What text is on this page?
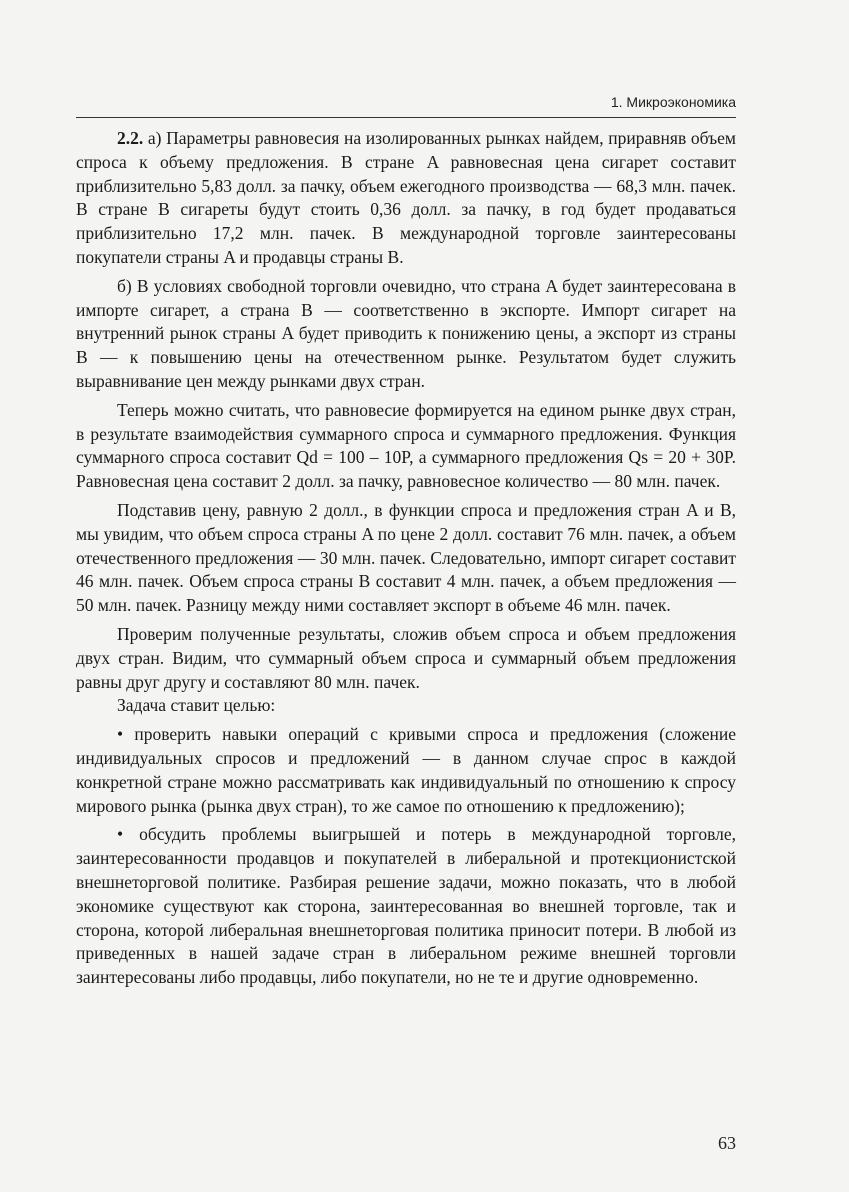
1. Микроэкономика

2.2. а) Параметры равновесия на изолированных рынках найдем, приравняв объем спроса к объему предложения. В стране A равновесная цена сигарет составит приблизительно 5,83 долл. за пачку, объем ежегодного производства — 68,3 млн. пачек. В стране B сигареты будут стоить 0,36 долл. за пачку, в год будет продаваться приблизительно 17,2 млн. пачек. В международной торговле заинтересованы покупатели страны A и продавцы страны B.

б) В условиях свободной торговли очевидно, что страна A будет заинтересована в импорте сигарет, а страна B — соответственно в экспорте. Импорт сигарет на внутренний рынок страны A будет приводить к понижению цены, а экспорт из страны B — к повышению цены на отечественном рынке. Результатом будет служить выравнивание цен между рынками двух стран.

Теперь можно считать, что равновесие формируется на едином рынке двух стран, в результате взаимодействия суммарного спроса и суммарного предложения. Функция суммарного спроса составит Qd = 100 – 10P, а суммарного предложения Qs = 20 + 30P. Равновесная цена составит 2 долл. за пачку, равновесное количество — 80 млн. пачек.

Подставив цену, равную 2 долл., в функции спроса и предложения стран A и B, мы увидим, что объем спроса страны A по цене 2 долл. составит 76 млн. пачек, а объем отечественного предложения — 30 млн. пачек. Следовательно, импорт сигарет составит 46 млн. пачек. Объем спроса страны B составит 4 млн. пачек, а объем предложения — 50 млн. пачек. Разницу между ними составляет экспорт в объеме 46 млн. пачек.

Проверим полученные результаты, сложив объем спроса и объем предложения двух стран. Видим, что суммарный объем спроса и суммарный объем предложения равны друг другу и составляют 80 млн. пачек.

Задача ставит целью:

• проверить навыки операций с кривыми спроса и предложения (сложение индивидуальных спросов и предложений — в данном случае спрос в каждой конкретной стране можно рассматривать как индивидуальный по отношению к спросу мирового рынка (рынка двух стран), то же самое по отношению к предложению);

• обсудить проблемы выигрышей и потерь в международной торговле, заинтересованности продавцов и покупателей в либеральной и протекционистской внешнеторговой политике. Разбирая решение задачи, можно показать, что в любой экономике существуют как сторона, заинтересованная во внешней торговле, так и сторона, которой либеральная внешнеторговая политика приносит потери. В любой из приведенных в нашей задаче стран в либеральном режиме внешней торговли заинтересованы либо продавцы, либо покупатели, но не те и другие одновременно.

63
